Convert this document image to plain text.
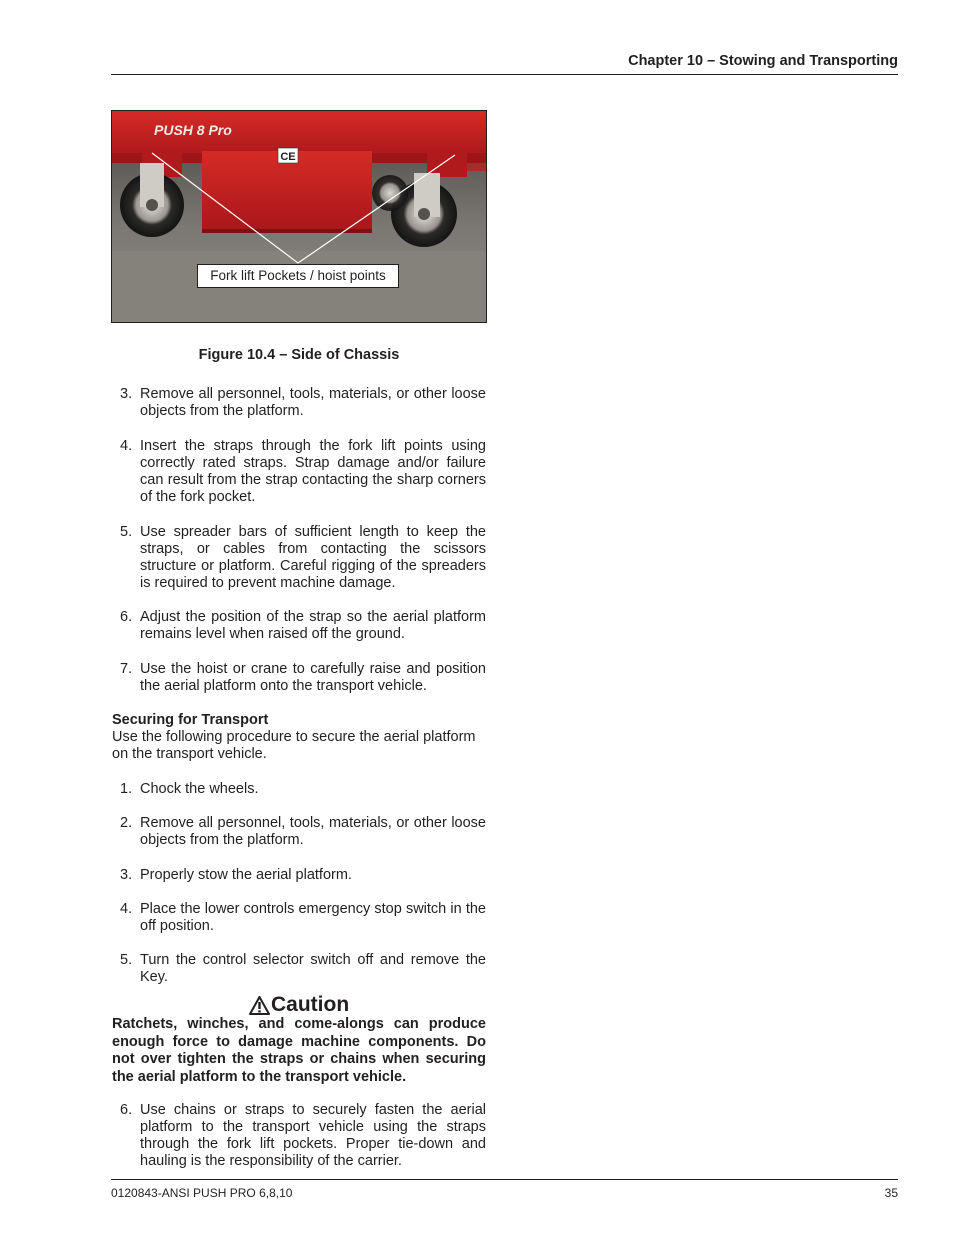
Chapter 10 – Stowing and Transporting
PUSH 8 Pro
CE
Fork lift Pockets / hoist points
Figure 10.4 – Side of Chassis
3. Remove all personnel, tools, materials, or other loose objects from the platform.
4. Insert the straps through the fork lift points using correctly rated straps. Strap damage and/or failure can result from the strap contacting the sharp corners of the fork pocket.
5. Use spreader bars of sufficient length to keep the straps, or cables from contacting the scissors structure or platform. Careful rigging of the spreaders is required to prevent machine damage.
6. Adjust the position of the strap so the aerial platform remains level when raised off the ground.
7. Use the hoist or crane to carefully raise and position the aerial platform onto the transport vehicle.
Securing for Transport
Use the following procedure to secure the aerial platform on the transport vehicle.
1. Chock the wheels.
2. Remove all personnel, tools, materials, or other loose objects from the platform.
3. Properly stow the aerial platform.
4. Place the lower controls emergency stop switch in the off position.
5. Turn the control selector switch off and remove the Key.
Caution
Ratchets, winches, and come-alongs can produce enough force to damage machine components. Do not over tighten the straps or chains when securing the aerial platform to the transport vehicle.
6. Use chains or straps to securely fasten the aerial platform to the transport vehicle using the straps through the fork lift pockets. Proper tie-down and hauling is the responsibility of the carrier.
0120843-ANSI PUSH PRO 6,8,10	35
